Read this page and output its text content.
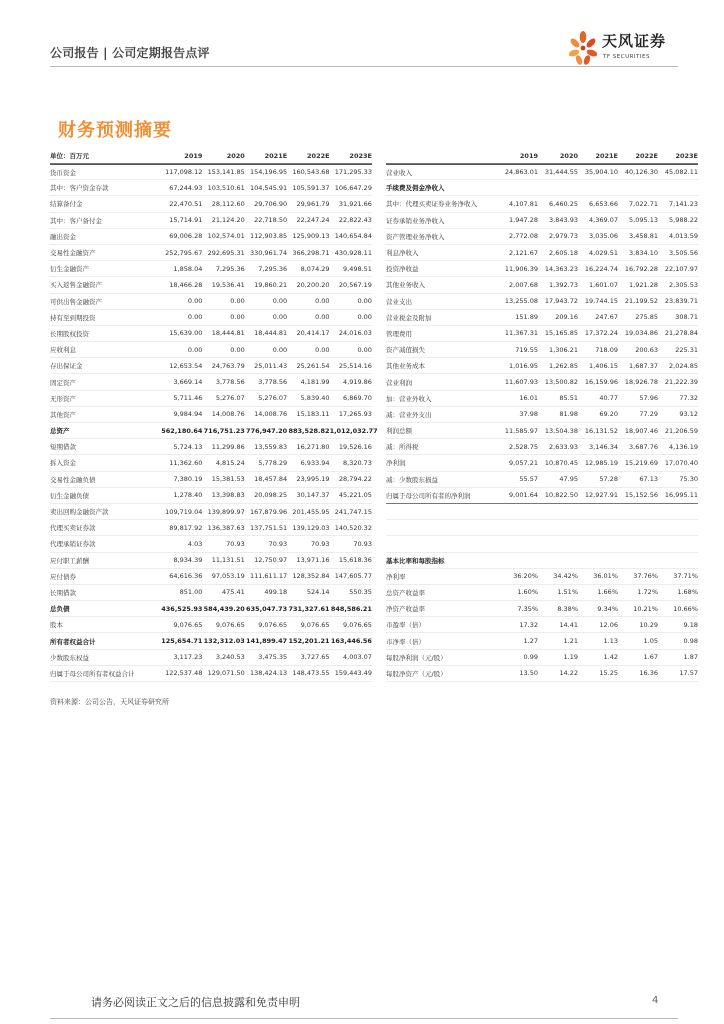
公司报告 | 公司定期报告点评
天风证券
TF SECURITIES
财务预测摘要
单位：百万元	2019	2020	2021E	2022E	2023E
货币资金	117,098.12 153,141.85 154,196.95 160,543.68 171,295.33
其中：客户资金存款	67,244.93 103,510.61 104,545.91 105,591.37 106,647.29
结算备付金	22,470.51	28,112.60	29,706.90	29,961.79	31,921.66
其中：客户备付金	15,714.91	21,124.20	22,718.50	22,247.24	22,822.43
融出资金	69,006.28 102,574.01 112,903.85 125,909.13 140,654.84
交易性金融资产	252,795.67 292,695.31 330,961.74 366,298.71 430,928.11
衍生金融资产	1,858.04	7,295.36	7,295.36	8,074.29	9,498.51
买入返售金融资产	18,466.28	19,536.41	19,860.21	20,200.20	20,567.19
可供出售金融资产	0.00	0.00	0.00	0.00	0.00
持有至到期投资	0.00	0.00	0.00	0.00	0.00
长期股权投资	15,639.00	18,444.81	18,444.81	20,414.17	24,016.03
应收利息	0.00	0.00	0.00	0.00	0.00
存出保证金	12,653.54	24,763.79	25,011.43	25,261.54	25,514.16
固定资产	3,669.14	3,778.56	3,778.56	4,181.99	4,919.86
无形资产	5,711.46	5,276.07	5,276.07	5,839.40	6,869.70
其他资产	9,984.94	14,008.76	14,008.76	15,183.11	17,265.93
总资产	562,180.64 716,751.23 776,947.20 883,528.82 1,012,032.77
短期借款	5,724.13	11,299.86	13,559.83	16,271.80	19,526.16
拆入资金	11,362.60	4,815.24	5,778.29	6,933.94	8,320.73
交易性金融负债	7,380.19	15,381.53	18,457.84	23,995.19	28,794.22
衍生金融负债	1,278.40	13,398.83	20,098.25	30,147.37	45,221.05
卖出回购金融资产款	109,719.04 139,899.97 167,879.96 201,455.95 241,747.15
代理买卖证券款	89,817.92 136,387.63 137,751.51 139,129.03 140,520.32
代理承销证券款	4.03	70.93	70.93	70.93	70.93
应付职工薪酬	8,934.39	11,131.51	12,750.97	13,971.16	15,618.36
应付债券	64,616.36	97,053.19 111,611.17 128,352.84 147,605.77
长期借款	851.00	475.41	499.18	524.14	550.35
总负债	436,525.93 584,439.20 635,047.73 731,327.61 848,586.21
股本	9,076.65	9,076.65	9,076.65	9,076.65	9,076.65
所有者权益合计	125,654.71 132,312.03 141,899.47 152,201.21 163,446.56
少数股东权益	3,117.23	3,240.53	3,475.35	3,727.65	4,003.07
归属于母公司所有者权益合计	122,537.48 129,071.50 138,424.13 148,473.55 159,443.49
2019	2020	2021E	2022E	2023E
营业收入	24,863.01	31,444.55	35,904.10	40,126.30	45,082.11
手续费及佣金净收入
其中：代理买卖证券业务净收入	4,107.81	6,460.25	6,653.66	7,022.71	7,141.23
证券承销业务净收入	1,947.28	3,843.93	4,369.07	5,095.13	5,988.22
资产管理业务净收入	2,772.08	2,979.73	3,035.06	3,458.81	4,013.59
利息净收入	2,121.67	2,605.18	4,029.51	3,834.10	3,505.56
投资净收益	11,906.39	14,363.23	16,224.74	16,792.28	22,107.97
其他业务收入	2,007.68	1,392.73	1,601.07	1,921.28	2,305.53
营业支出	13,255.08	17,943.72	19,744.15	21,199.52	23,839.71
营业税金及附加	151.89	209.16	247.67	275.85	308.71
管理费用	11,367.31	15,165.85	17,372.24	19,034.86	21,278.84
资产减值损失	719.55	1,306.21	718.09	200.63	225.31
其他业务成本	1,016.95	1,262.85	1,406.15	1,687.37	2,024.85
营业利润	11,607.93	13,500.82	16,159.96	18,926.78	21,222.39
加：营业外收入	16.01	85.51	40.77	57.96	77.32
减：营业外支出	37.98	81.98	69.20	77.29	93.12
利润总额	11,585.97	13,504.38	16,131.52	18,907.46	21,206.59
减：所得税	2,528.75	2,633.93	3,146.34	3,687.76	4,136.19
净利润	9,057.21	10,870.45	12,985.19	15,219.69	17,070.40
减：少数股东损益	55.57	47.95	57.28	67.13	75.30
归属于母公司所有者的净利润	9,001.64	10,822.50	12,927.91	15,152.56	16,995.11
基本比率和每股指标
净利率	36.20%	34.42%	36.01%	37.76%	37.71%
总资产收益率	1.60%	1.51%	1.66%	1.72%	1.68%
净资产收益率	7.35%	8.38%	9.34%	10.21%	10.66%
市盈率（倍）	17.32	14.41	12.06	10.29	9.18
市净率（倍）	1.27	1.21	1.13	1.05	0.98
每股净利润（元/股）	0.99	1.19	1.42	1.67	1.87
每股净资产（元/股）	13.50	14.22	15.25	16.36	17.57
资料来源：公司公告，天风证券研究所
请务必阅读正文之后的信息披露和免责申明	4
